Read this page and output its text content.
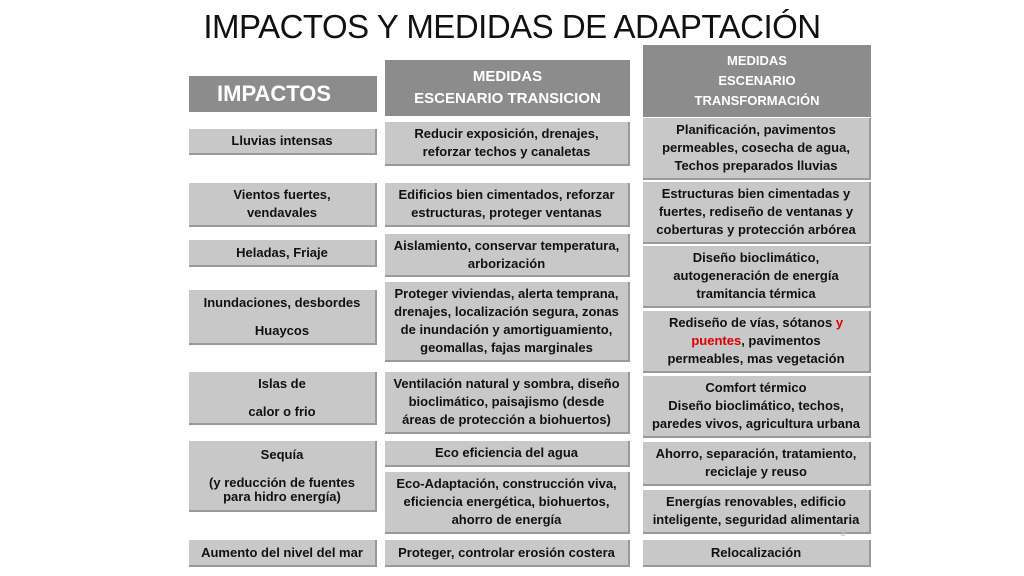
IMPACTOS Y MEDIDAS DE ADAPTACIÓN
IMPACTOS
MEDIDAS
ESCENARIO TRANSICION
MEDIDAS
ESCENARIO
TRANSFORMACIÓN
Lluvias intensas
Vientos fuertes,
vendavales
Heladas, Friaje
Inundaciones, desbordes

Huaycos
Islas de

calor o frio
Sequía

(y reducción de fuentes
para hidro energía)
Aumento del nivel del mar
Reducir exposición, drenajes,
reforzar techos y canaletas
Edificios bien cimentados, reforzar
estructuras, proteger ventanas
Aislamiento, conservar temperatura,
arborización
Proteger viviendas, alerta temprana,
drenajes, localización segura, zonas
de inundación y amortiguamiento,
geomallas, fajas marginales
Ventilación natural y sombra, diseño
bioclimático, paisajismo (desde
áreas de protección a biohuertos)
Eco eficiencia del agua
Eco-Adaptación, construcción viva,
eficiencia energética, biohuertos,
ahorro de energía
Proteger, controlar erosión costera
Planificación, pavimentos
permeables, cosecha de agua,
Techos preparados lluvias
Estructuras bien cimentadas y
fuertes, rediseño de ventanas y
coberturas y protección arbórea
Diseño bioclimático,
autogeneración de energía
tramitancia térmica
Rediseño de vías, sótanos y
puentes, pavimentos
permeables, mas vegetación
Comfort térmico
Diseño bioclimático, techos,
paredes vivos, agricultura urbana
Ahorro, separación, tratamiento,
reciclaje y reuso
Energías renovables, edificio
inteligente, seguridad alimentaria
Relocalización
9
